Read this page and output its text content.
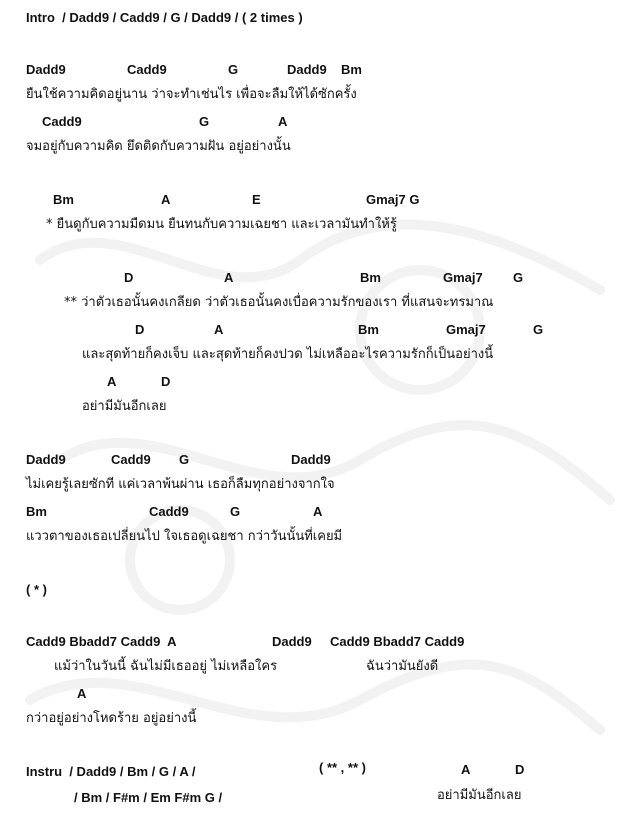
Intro  / Dadd9 / Cadd9 / G / Dadd9 / ( 2 times )
Dadd9	Cadd9	G	Dadd9 Bm
ยืนใช้ความคิดอยู่นาน ว่าจะทำเช่นไร เพื่อจะลืมให้ได้ซักครั้ง
Cadd9	G	A
จมอยู่กับความคิด ยึดติดกับความฝัน อยู่อย่างนั้น
Bm	A	E	Gmaj7 G
* ยืนดูกับความมืดมน ยืนทนกับความเฉยชา และเวลามันทำให้รู้
D	A	Bm	Gmaj7 G
** ว่าตัวเธอนั้นคงเกลียด ว่าตัวเธอนั้นคงเบื่อความรักของเรา ที่แสนจะทรมาณ
D	A	Bm	Gmaj7	G
และสุดท้ายก็คงเจ็บ และสุดท้ายก็คงปวด ไม่เหลืออะไรความรักก็เป็นอย่างนี้
A	D
อย่ามีมันอีกเลย
Dadd9	Cadd9 G	Dadd9
ไม่เคยรู้เลยซักที แค่เวลาพ้นผ่าน เธอก็ลืมทุกอย่างจากใจ
Bm	Cadd9	G	A
แววตาของเธอเปลี่ยนไป ใจเธอดูเฉยชา กว่าวันนั้นที่เคยมี
( * )
Cadd9 Bbadd7 Cadd9  A	Dadd9 Cadd9 Bbadd7 Cadd9
แม้ว่าในวันนี้ ฉันไม่มีเธออยู่ ไม่เหลือใคร	ฉันว่ามันยังดี
A
กว่าอยู่อย่างโหดร้าย อยู่อย่างนี้
Instru  / Dadd9 / Bm / G / A /
/ Bm / F#m / Em F#m G /
( ** , ** )	A	D
อย่ามีมันอีกเลย
